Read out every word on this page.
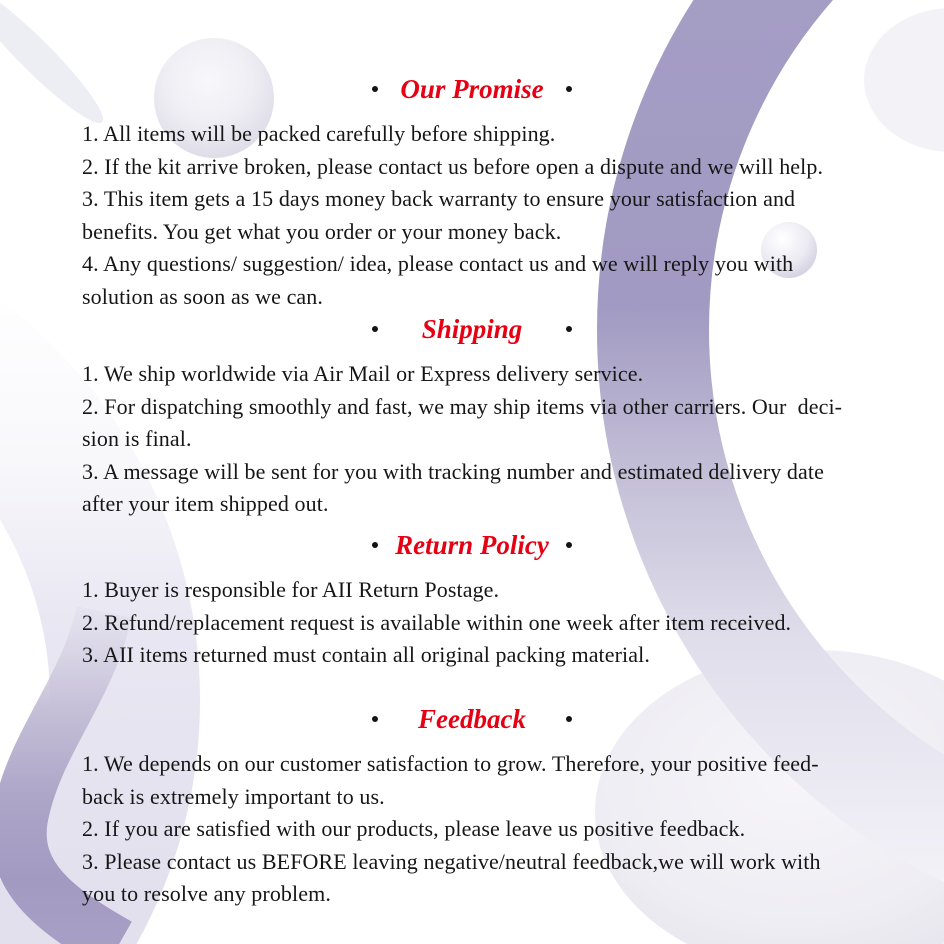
Our Promise
1. All items will be packed carefully before shipping.
2. If the kit arrive broken, please contact us before open a dispute and we will help.
3. This item gets a 15 days money back warranty to ensure your satisfaction and
benefits. You get what you order or your money back.
4. Any questions/ suggestion/ idea, please contact us and we will reply you with
solution as soon as we can.
Shipping
1. We ship worldwide via Air Mail or Express delivery service.
2. For dispatching smoothly and fast, we may ship items via other carriers. Our  deci-
sion is final.
3. A message will be sent for you with tracking number and estimated delivery date
after your item shipped out.
Return Policy
1. Buyer is responsible for AII Return Postage.
2. Refund/replacement request is available within one week after item received.
3. AII items returned must contain all original packing material.
Feedback
1. We depends on our customer satisfaction to grow. Therefore, your positive feed-
back is extremely important to us.
2. If you are satisfied with our products, please leave us positive feedback.
3. Please contact us BEFORE leaving negative/neutral feedback,we will work with
you to resolve any problem.
